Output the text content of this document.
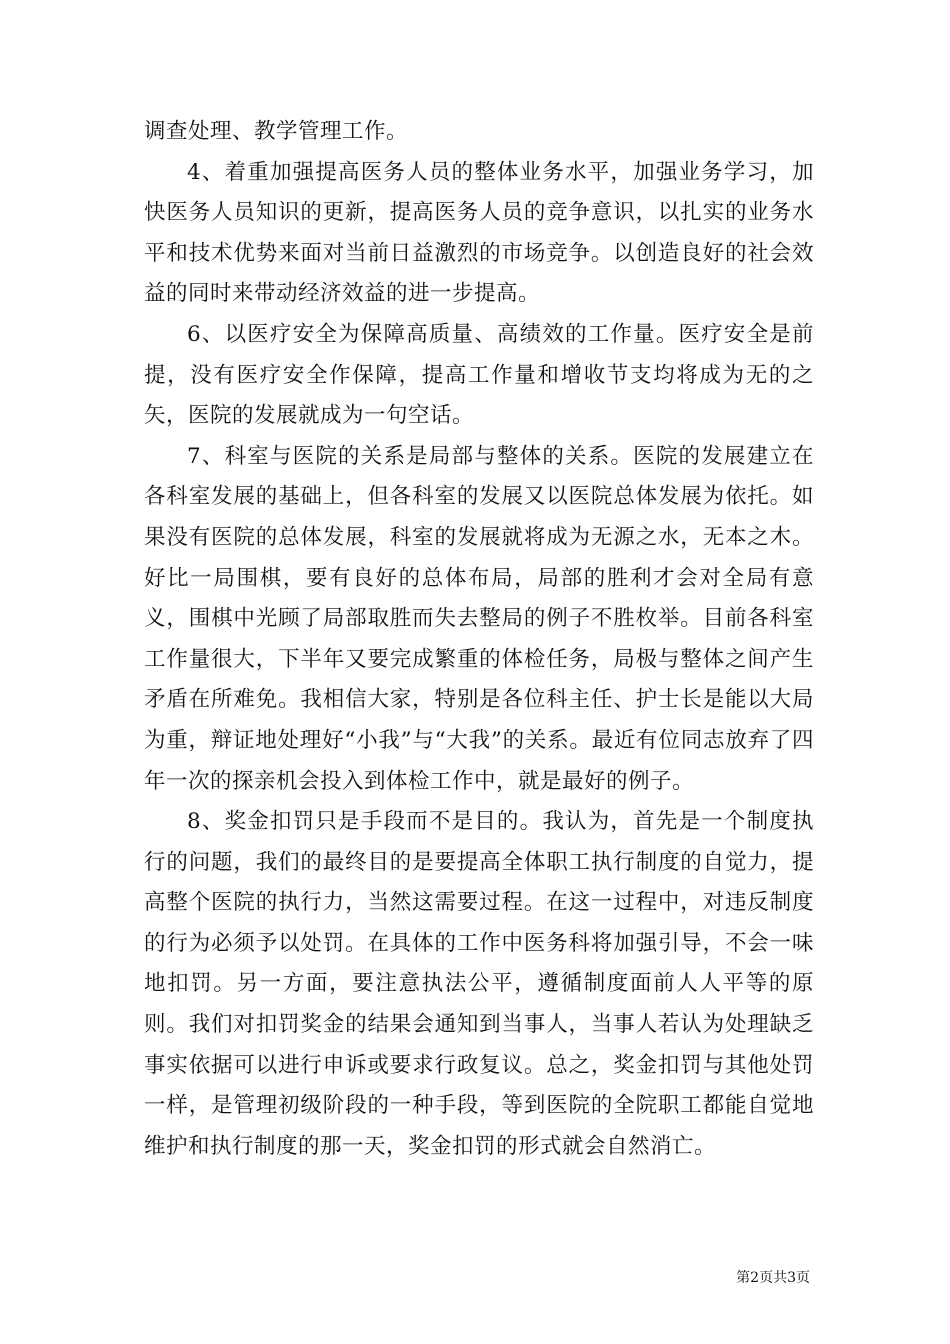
调查处理、教学管理工作。

4、着重加强提高医务人员的整体业务水平，加强业务学习，加快医务人员知识的更新，提高医务人员的竞争意识，以扎实的业务水平和技术优势来面对当前日益激烈的市场竞争。以创造良好的社会效益的同时来带动经济效益的进一步提高。

6、以医疗安全为保障高质量、高绩效的工作量。医疗安全是前提，没有医疗安全作保障，提高工作量和增收节支均将成为无的之矢，医院的发展就成为一句空话。

7、科室与医院的关系是局部与整体的关系。医院的发展建立在各科室发展的基础上，但各科室的发展又以医院总体发展为依托。如果没有医院的总体发展，科室的发展就将成为无源之水，无本之木。好比一局围棋，要有良好的总体布局，局部的胜利才会对全局有意义，围棋中光顾了局部取胜而失去整局的例子不胜枚举。目前各科室工作量很大，下半年又要完成繁重的体检任务，局极与整体之间产生矛盾在所难免。我相信大家，特别是各位科主任、护士长是能以大局为重，辩证地处理好“小我”与“大我”的关系。最近有位同志放弃了四年一次的探亲机会投入到体检工作中，就是最好的例子。

8、奖金扣罚只是手段而不是目的。我认为，首先是一个制度执行的问题，我们的最终目的是要提高全体职工执行制度的自觉力，提高整个医院的执行力，当然这需要过程。在这一过程中，对违反制度的行为必须予以处罚。在具体的工作中医务科将加强引导，不会一味地扣罚。另一方面，要注意执法公平，遵循制度面前人人平等的原则。我们对扣罚奖金的结果会通知到当事人，当事人若认为处理缺乏事实依据可以进行申诉或要求行政复议。总之，奖金扣罚与其他处罚一样，是管理初级阶段的一种手段，等到医院的全院职工都能自觉地维护和执行制度的那一天，奖金扣罚的形式就会自然消亡。

第2页共3页
